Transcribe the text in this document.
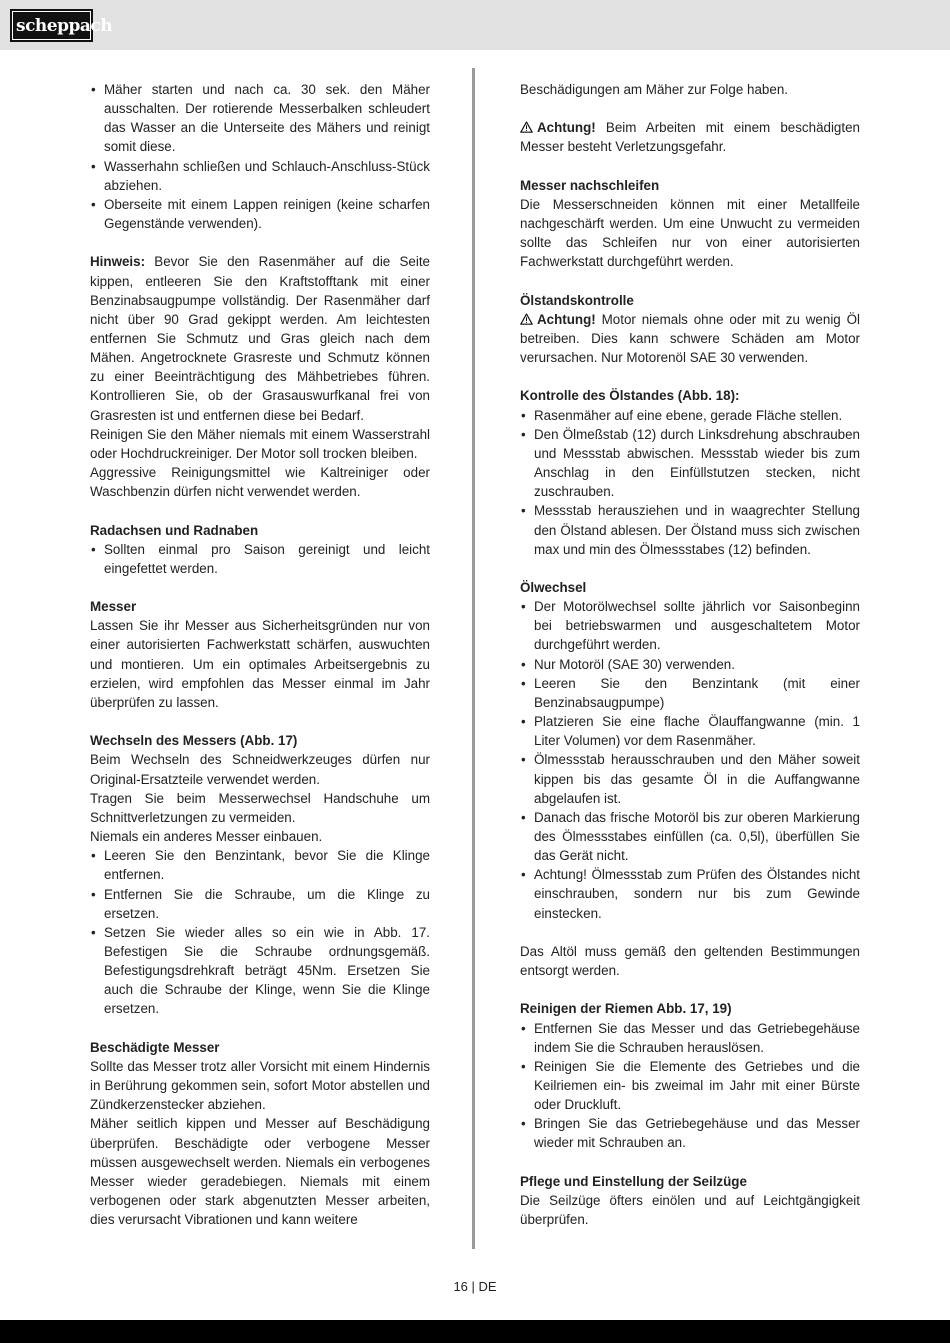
scheppach
• Mäher starten und nach ca. 30 sek. den Mäher ausschalten. Der rotierende Messerbalken schleudert das Wasser an die Unterseite des Mähers und reinigt somit diese.
• Wasserhahn schließen und Schlauch-Anschluss-Stück abziehen.
• Oberseite mit einem Lappen reinigen (keine scharfen Gegenstände verwenden).

Hinweis: Bevor Sie den Rasenmäher auf die Seite kippen, entleeren Sie den Kraftstofftank mit einer Benzinabsaugpumpe vollständig. Der Rasenmäher darf nicht über 90 Grad gekippt werden. Am leichtesten entfernen Sie Schmutz und Gras gleich nach dem Mähen. Angetrocknete Grasreste und Schmutz können zu einer Beeinträchtigung des Mähbetriebes führen. Kontrollieren Sie, ob der Grasauswurfkanal frei von Grasresten ist und entfernen diese bei Bedarf.

Reinigen Sie den Mäher niemals mit einem Wasserstrahl oder Hochdruckreiniger. Der Motor soll trocken bleiben.

Aggressive Reinigungsmittel wie Kaltreiniger oder Waschbenzin dürfen nicht verwendet werden.

Radachsen und Radnaben

• Sollten einmal pro Saison gereinigt und leicht eingefettet werden.

Messer

Lassen Sie ihr Messer aus Sicherheitsgründen nur von einer autorisierten Fachwerkstatt schärfen, auswuchten und montieren. Um ein optimales Arbeitsergebnis zu erzielen, wird empfohlen das Messer einmal im Jahr überprüfen zu lassen.

Wechseln des Messers (Abb. 17)

Beim Wechseln des Schneidwerkzeuges dürfen nur Original-Ersatzteile verwendet werden.

Tragen Sie beim Messerwechsel Handschuhe um Schnittverletzungen zu vermeiden.

Niemals ein anderes Messer einbauen.

• Leeren Sie den Benzintank, bevor Sie die Klinge entfernen.
• Entfernen Sie die Schraube, um die Klinge zu ersetzen.
• Setzen Sie wieder alles so ein wie in Abb. 17. Befestigen Sie die Schraube ordnungsgemäß. Befestigungsdrehkraft beträgt 45Nm. Ersetzen Sie auch die Schraube der Klinge, wenn Sie die Klinge ersetzen.

Beschädigte Messer

Sollte das Messer trotz aller Vorsicht mit einem Hindernis in Berührung gekommen sein, sofort Motor abstellen und Zündkerzenstecker abziehen.

Mäher seitlich kippen und Messer auf Beschädigung überprüfen. Beschädigte oder verbogene Messer müssen ausgewechselt werden. Niemals ein verbogenes Messer wieder geradebiegen. Niemals mit einem verbogenen oder stark abgenutzten Messer arbeiten, dies verursacht Vibrationen und kann weitere

Beschädigungen am Mäher zur Folge haben.

Achtung! Beim Arbeiten mit einem beschädigten Messer besteht Verletzungsgefahr.

Messer nachschleifen

Die Messerschneiden können mit einer Metallfeile nachgeschärft werden. Um eine Unwucht zu vermeiden sollte das Schleifen nur von einer autorisierten Fachwerkstatt durchgeführt werden.

Ölstandskontrolle

Achtung! Motor niemals ohne oder mit zu wenig Öl betreiben. Dies kann schwere Schäden am Motor verursachen. Nur Motorenöl SAE 30 verwenden.

Kontrolle des Ölstandes (Abb. 18):

• Rasenmäher auf eine ebene, gerade Fläche stellen.
• Den Ölmeßstab (12) durch Linksdrehung abschrauben und Messstab abwischen. Messstab wieder bis zum Anschlag in den Einfüllstutzen stecken, nicht zuschrauben.
• Messstab herausziehen und in waagrechter Stellung den Ölstand ablesen. Der Ölstand muss sich zwischen max und min des Ölmessstabes (12) befinden.

Ölwechsel

• Der Motorölwechsel sollte jährlich vor Saisonbeginn bei betriebswarmen und ausgeschaltetem Motor durchgeführt werden.
• Nur Motoröl (SAE 30) verwenden.
• Leeren Sie den Benzintank (mit einer Benzinabsaugpumpe)
• Platzieren Sie eine flache Ölauffangwanne (min. 1 Liter Volumen) vor dem Rasenmäher.
• Ölmessstab herausschrauben und den Mäher soweit kippen bis das gesamte Öl in die Auffangwanne abgelaufen ist.
• Danach das frische Motoröl bis zur oberen Markierung des Ölmessstabes einfüllen (ca. 0,5l), überfüllen Sie das Gerät nicht.
• Achtung! Ölmessstab zum Prüfen des Ölstandes nicht einschrauben, sondern nur bis zum Gewinde einstecken.

Das Altöl muss gemäß den geltenden Bestimmungen entsorgt werden.

Reinigen der Riemen Abb. 17, 19)

• Entfernen Sie das Messer und das Getriebegehäuse indem Sie die Schrauben herauslösen.
• Reinigen Sie die Elemente des Getriebes und die Keilriemen ein- bis zweimal im Jahr mit einer Bürste oder Druckluft.
• Bringen Sie das Getriebegehäuse und das Messer wieder mit Schrauben an.

Pflege und Einstellung der Seilzüge

Die Seilzüge öfters einölen und auf Leichtgängigkeit überprüfen.

16 | DE
